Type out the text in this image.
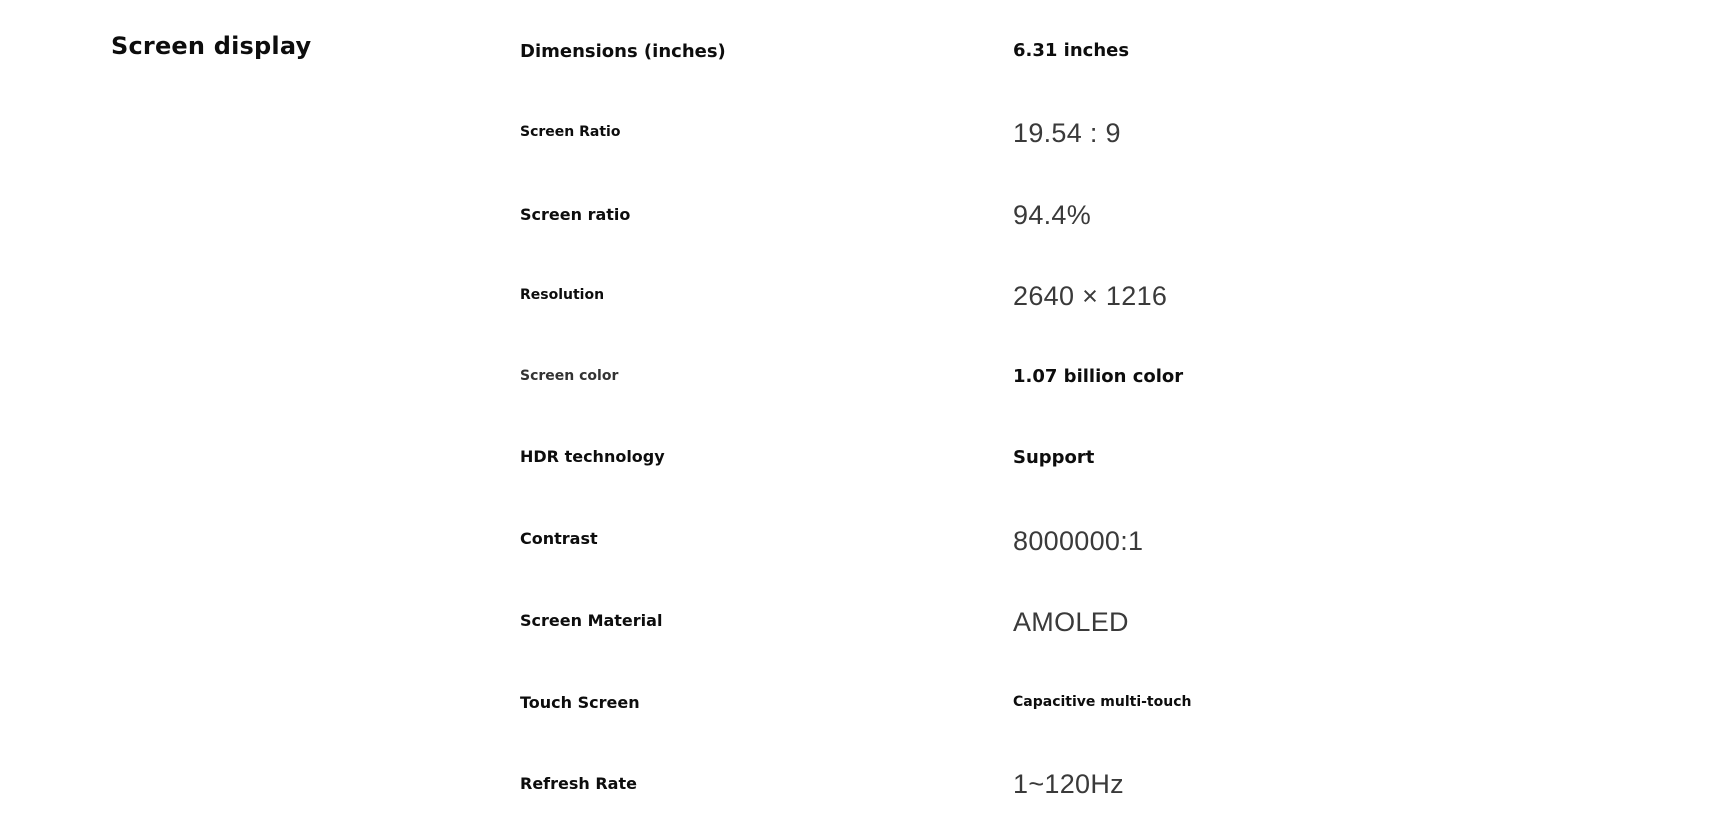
Screen display	Dimensions (inches)	6.31 inches
Screen Ratio	19.54 : 9
Screen ratio	94.4%
Resolution	2640 × 1216
Screen color	1.07 billion color
HDR technology	Support
Contrast	8000000:1
Screen Material	AMOLED
Touch Screen	Capacitive multi-touch
Refresh Rate	1~120Hz
